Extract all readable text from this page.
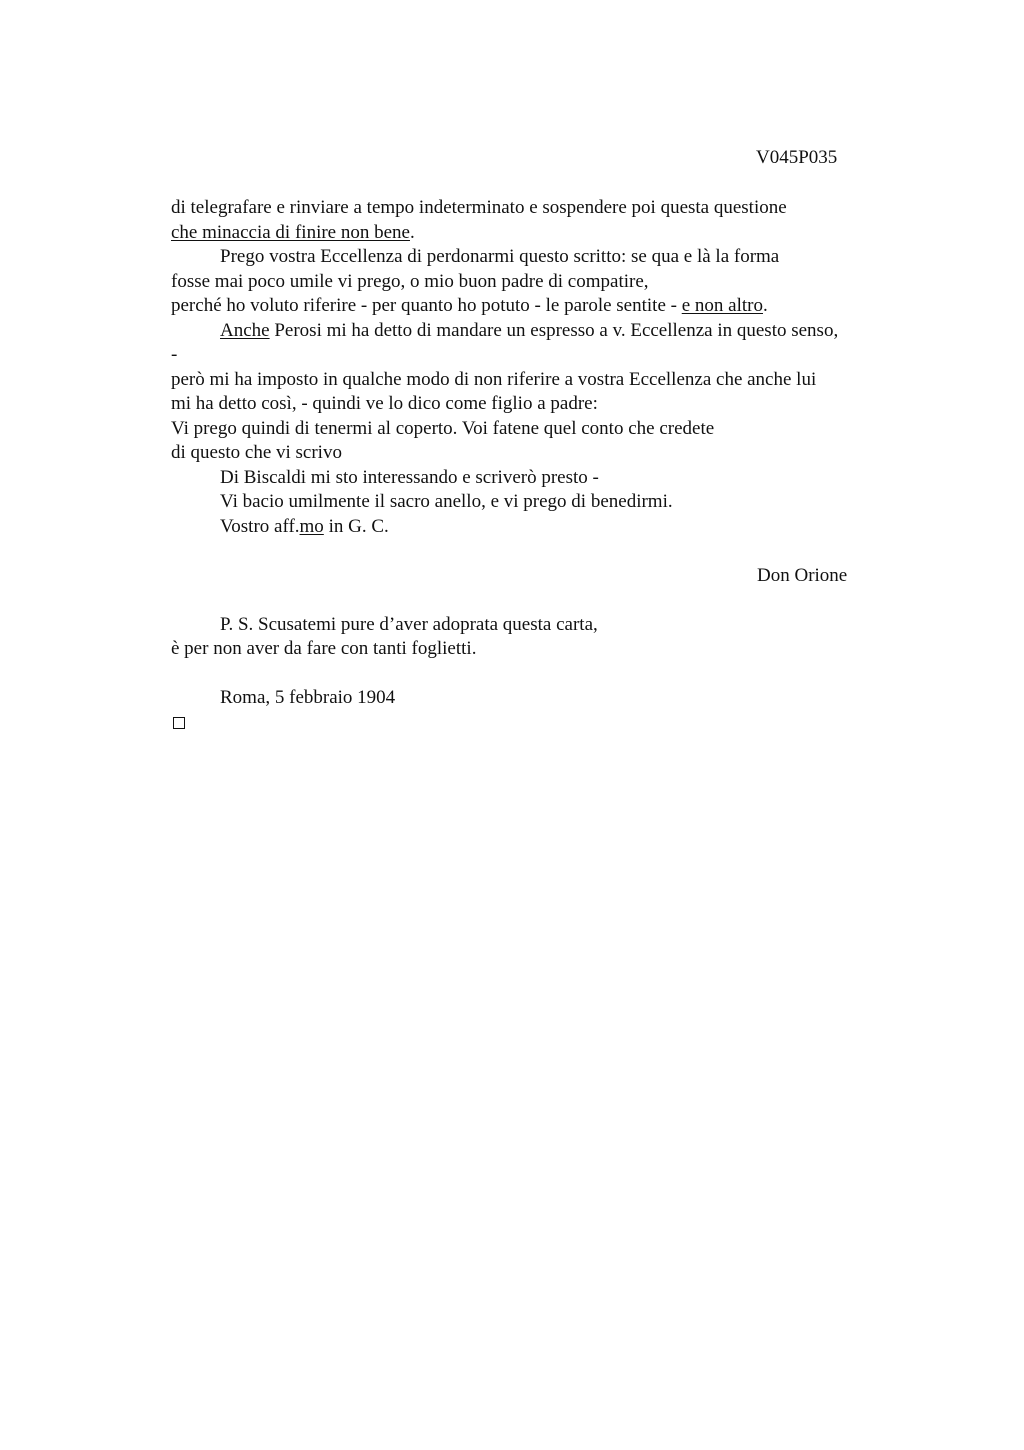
V045P035
di telegrafare e rinviare a tempo indeterminato e sospendere poi questa questione
che minaccia di finire non bene.
Prego vostra Eccellenza di perdonarmi questo scritto: se qua e là la forma
fosse mai poco umile vi prego, o mio buon padre di compatire,
perché ho voluto riferire - per quanto ho potuto - le parole sentite - e non altro.
Anche Perosi mi ha detto di mandare un espresso a v. Eccellenza in questo senso,
-
però mi ha imposto in qualche modo di non riferire a vostra Eccellenza che anche lui
mi ha detto così, - quindi ve lo dico come figlio a padre:
Vi prego quindi di tenermi al coperto. Voi fatene quel conto che credete
di questo che vi scrivo
Di Biscaldi mi sto interessando e scriverò presto -
Vi bacio umilmente il sacro anello, e vi prego di benedirmi.
Vostro aff.mo in G. C.
Don Orione
P. S. Scusatemi pure d’aver adoprata questa carta,
è per non aver da fare con tanti foglietti.
Roma, 5 febbraio 1904
